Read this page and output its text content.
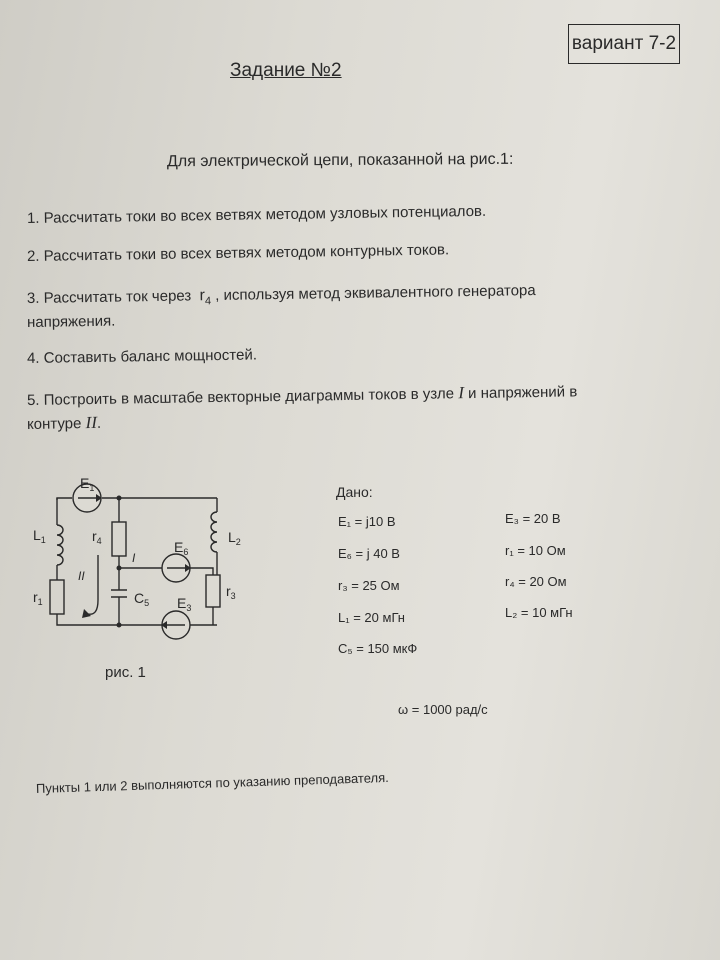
вариант 7-2
Задание №2
Для электрической цепи, показанной на рис.1:
1. Рассчитать токи во всех ветвях методом узловых потенциалов.
2. Рассчитать токи во всех ветвях методом контурных токов.
3. Рассчитать ток через $r_4$ , используя метод эквивалентного генератора
напряжения.
4. Составить баланс мощностей.
5. Построить в масштабе векторные диаграммы токов в узле I и напряжений в
контуре II.
$E_1$
$L_1$
$r_1$
$r_4$	$E_6$
$L_2$
$r_3$
$C_5$ $E_3$
I
II
рис. 1
Дано:
E₁ = j10 В
E₆ = j 40 В
r₃ = 25 Ом
L₁ = 20 мГн
C₅ = 150 мкФ
E₃ = 20 В
r₁ = 10 Ом
r₄ = 20 Ом
L₂ = 10 мГн
ω = 1000 рад/с
Пункты 1 или 2 выполняются по указанию преподавателя.
